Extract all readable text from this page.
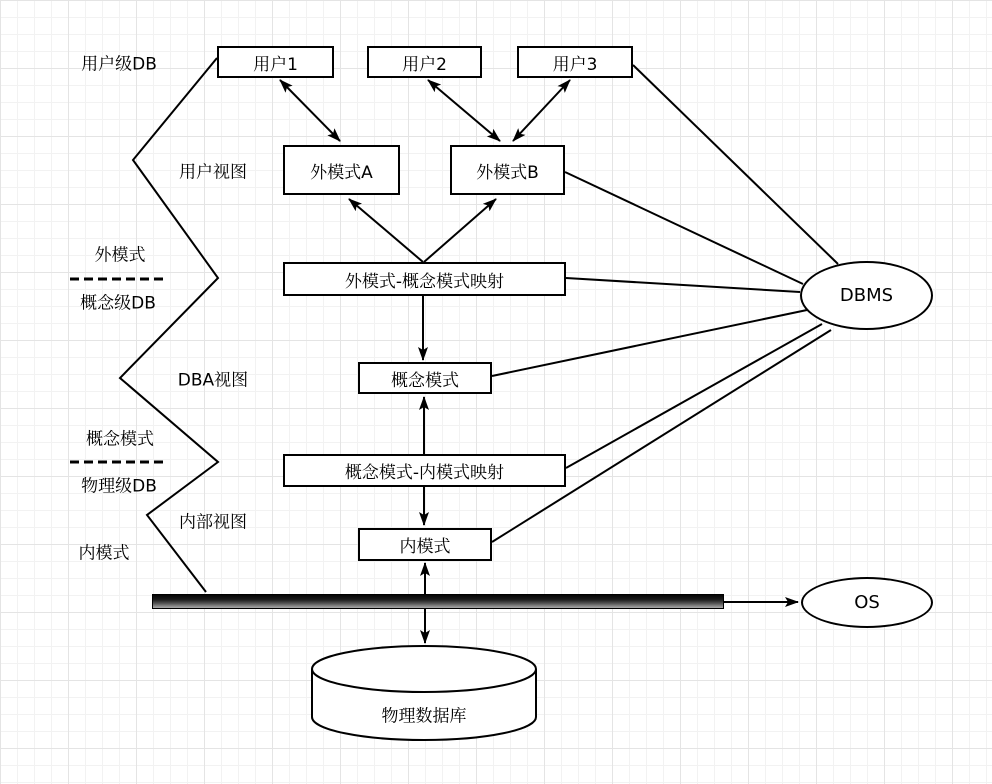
用户1	用户2	用户3
外模式A	外模式B
外模式-概念模式映射
概念模式
概念模式-内模式映射
内模式
DBMS
OS
物理数据库
用户级DB
用户视图
外模式
概念级DB
DBA视图
概念模式
物理级DB
内部视图
内模式
